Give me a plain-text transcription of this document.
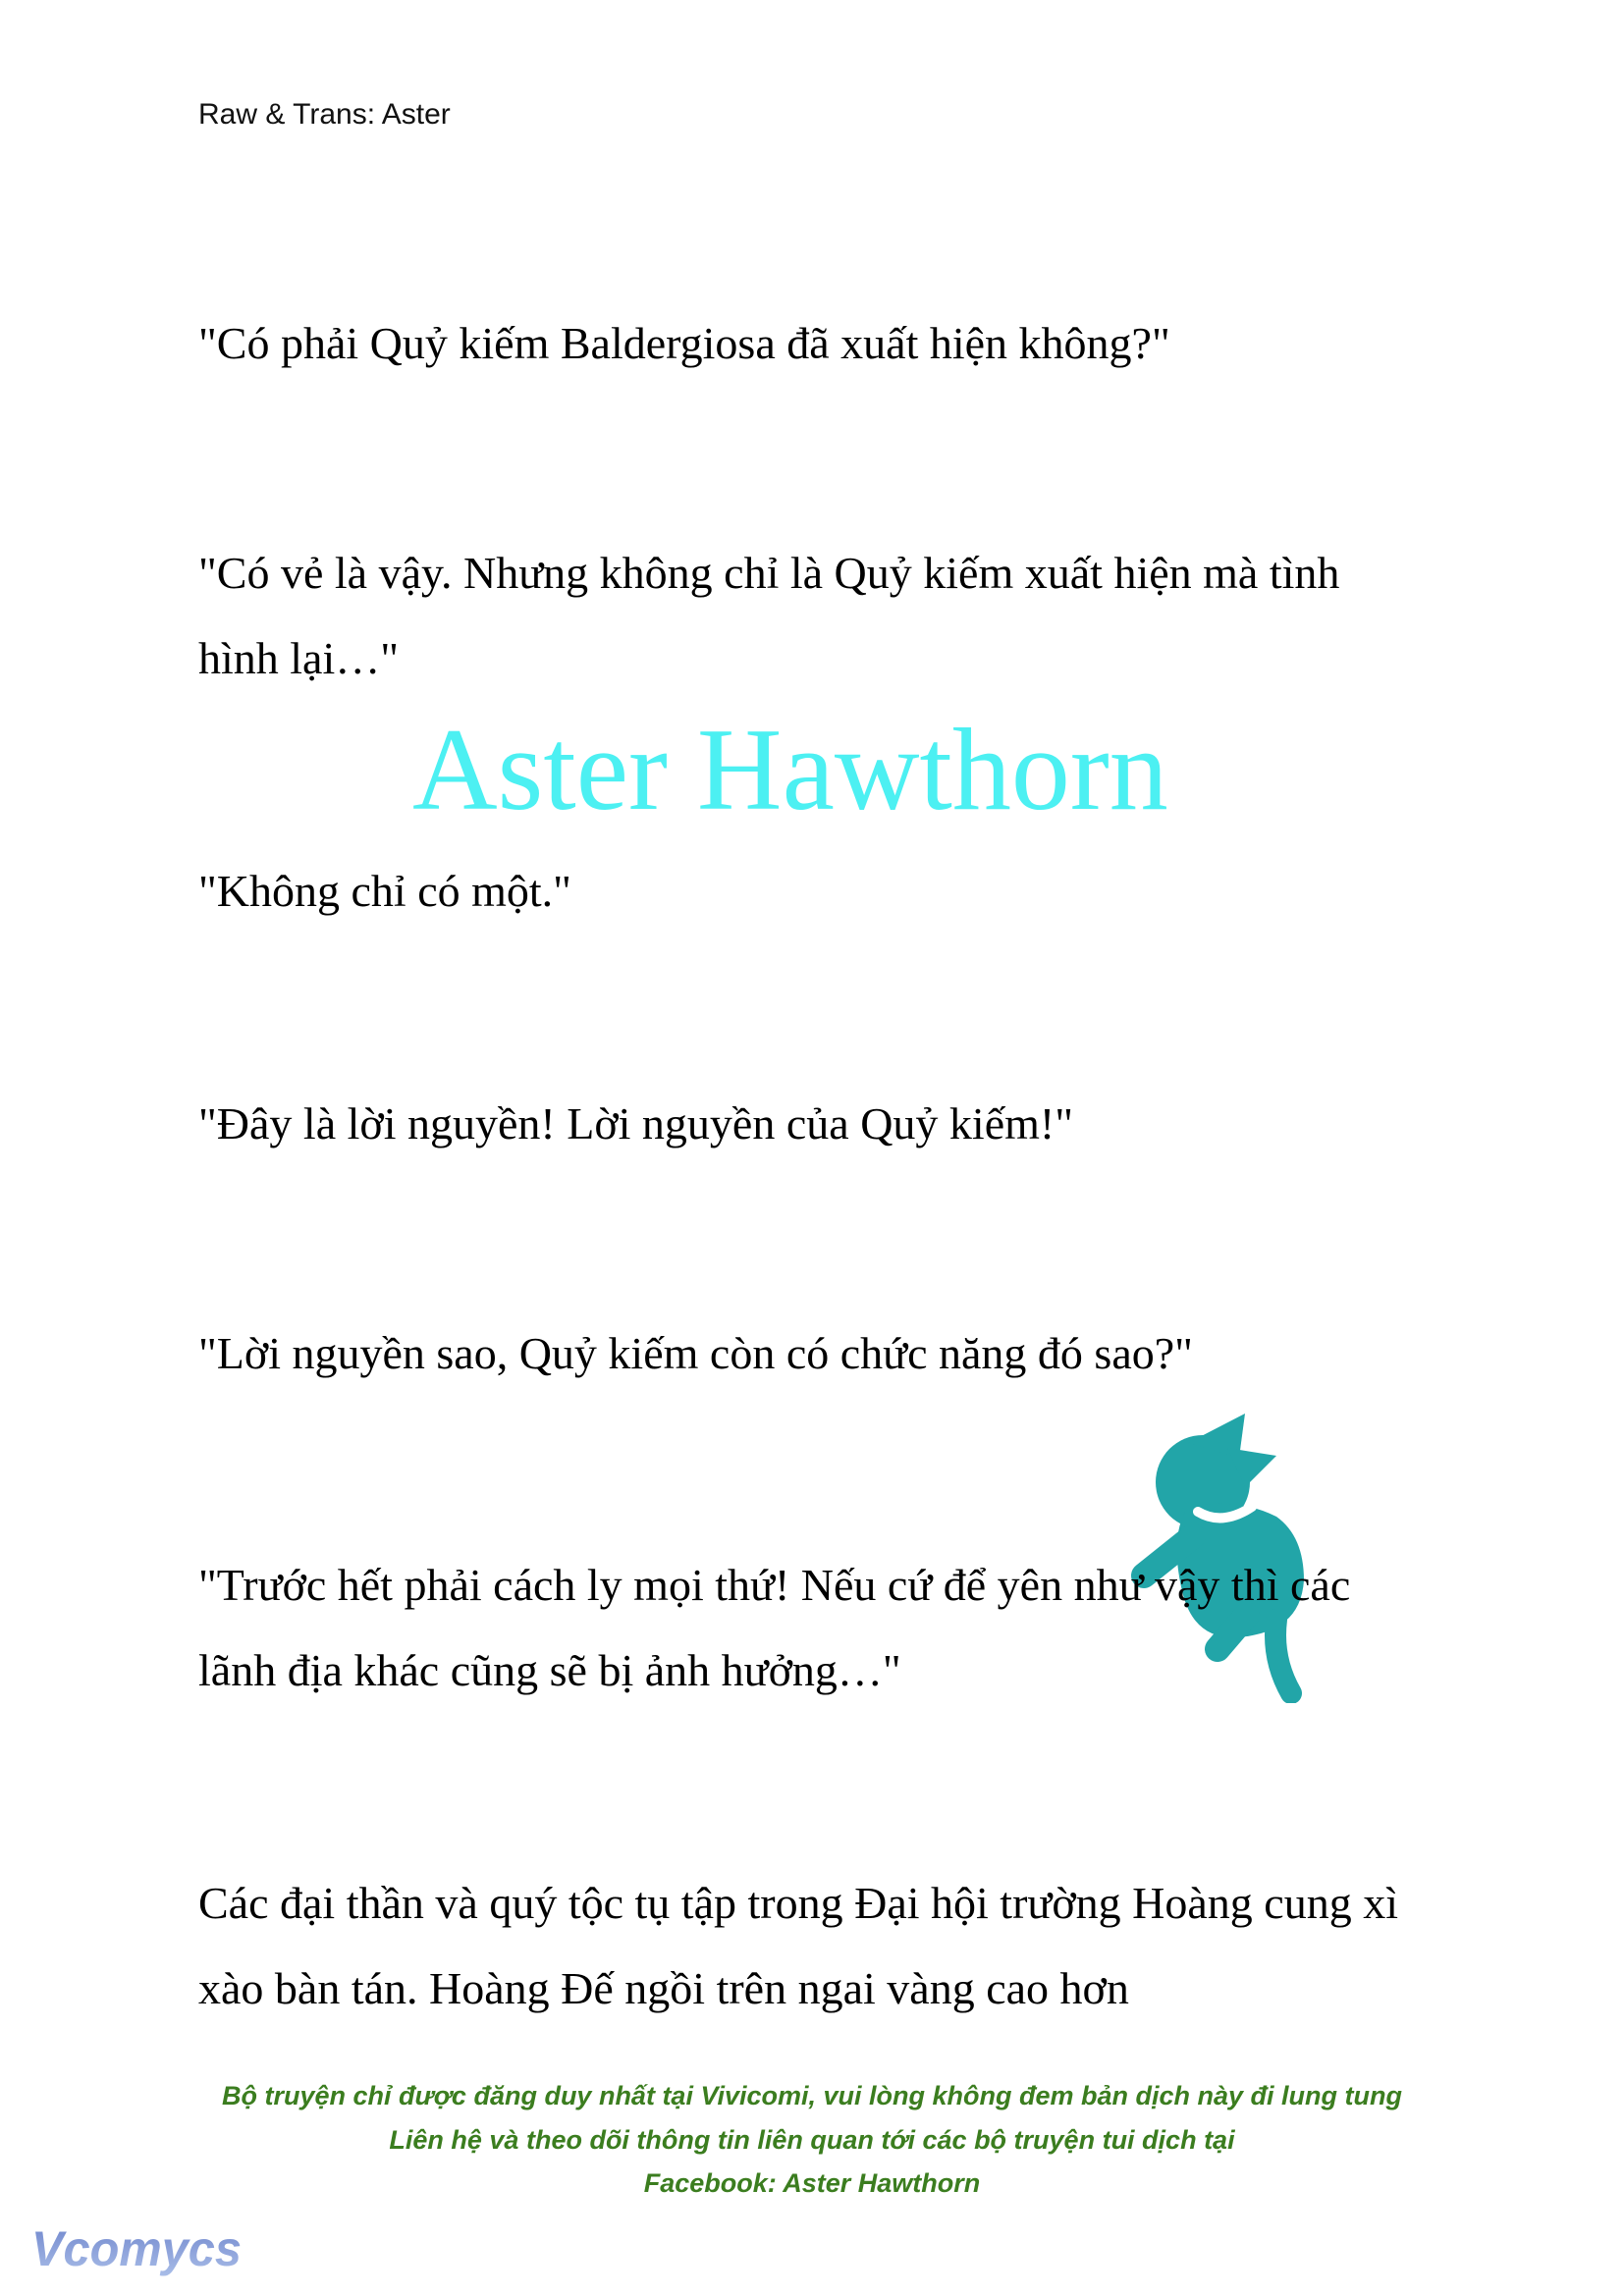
Raw & Trans: Aster
"Có phải Quỷ kiếm Baldergiosa đã xuất hiện không?"
"Có vẻ là vậy. Nhưng không chỉ là Quỷ kiếm xuất hiện mà tình hình lại…"
"Không chỉ có một."
"Đây là lời nguyền! Lời nguyền của Quỷ kiếm!"
"Lời nguyền sao, Quỷ kiếm còn có chức năng đó sao?"
"Trước hết phải cách ly mọi thứ! Nếu cứ để yên như vậy thì các lãnh địa khác cũng sẽ bị ảnh hưởng…"
Các đại thần và quý tộc tụ tập trong Đại hội trường Hoàng cung xì xào bàn tán. Hoàng Đế ngồi trên ngai vàng cao hơn
Aster Hawthorn
Bộ truyện chỉ được đăng duy nhất tại Vivicomi, vui lòng không đem bản dịch này đi lung tung
Liên hệ và theo dõi thông tin liên quan tới các bộ truyện tui dịch tại
Facebook: Aster Hawthorn
Vcomycs
